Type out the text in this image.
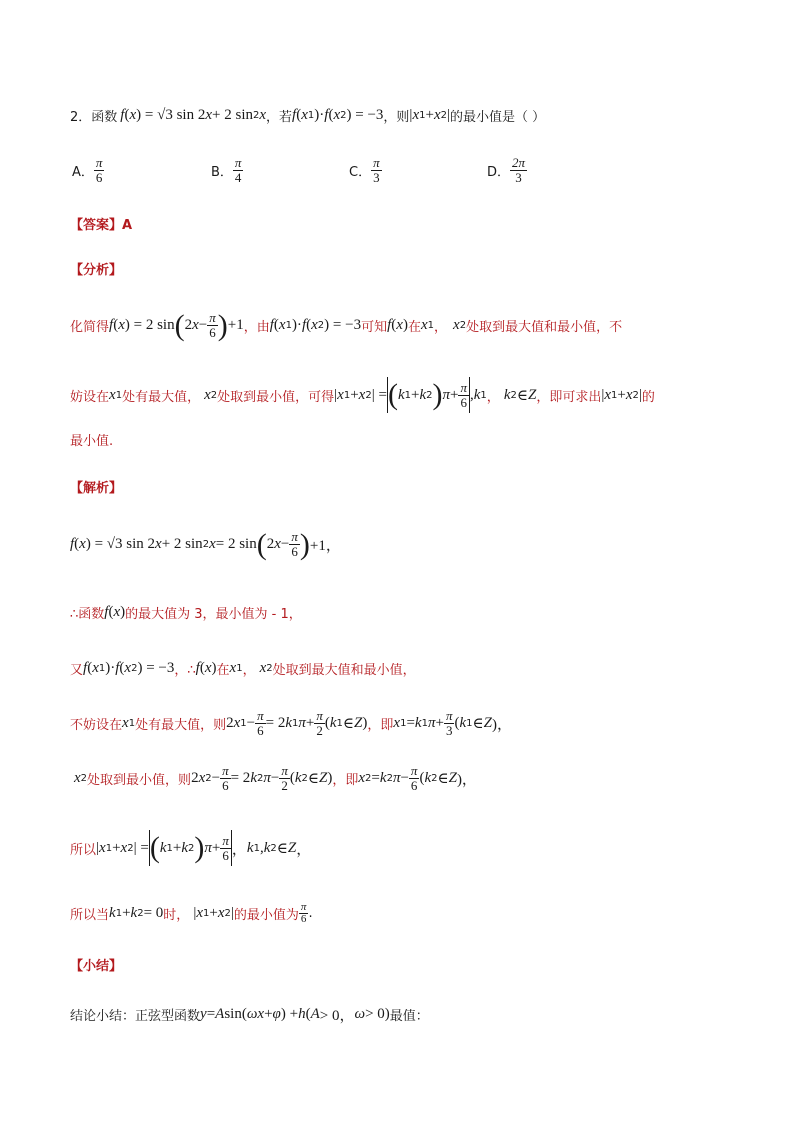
2． 函数 f ( x ) = √3 sin 2 x + 2 sin 2 x ，若 f ( x 1 )· f ( x 2 ) = −3 ，则 | x 1 + x 2 | 的最小值是（ ）
A． $\frac{\pi}{6}$	B． $\frac{\pi}{4}$	C． $\frac{\pi}{3}$	D． $\frac{2\pi}{3}$
【答案】A
【分析】
化简得 f ( x ) = 2 sin ( 2 $x - \frac{\pi}{6}$ ) +1 ，由 f ( x 1 )· f ( x 2 ) = −3 可知 f ( x ) 在 x 1 ， x 2 处取到最大值和最小值，不
妨设在 x 1 处有最大值， x 2 处取到最小值，可得 | x 1 + x 2 | = ( k 1 + k 2 ) $\pi + \frac{\pi}{6}$ , k 1 ， k 2 ∈ Z ，即可求出 | x 1 + x 2 | 的
最小值.
【解析】
f ( x ) = √3 sin 2 x + 2 sin 2 x = 2 sin ( 2 $x - \frac{\pi}{6}$ ) +1，
∴函数 f ( x ) 的最大值为 3，最小值为 - 1，
又 f ( x 1 )· f ( x 2 ) = −3 ，∴ f ( x ) 在 x 1 ， x 2 处取到最大值和最小值，
不妨设在 x 1 处有最大值，则 2 x $1 - \frac{\pi}{6} = 2$ k 1 $\pi + \frac{\pi}{2}$ ( k 1 ∈ Z ) ，即 x 1 = k 1 $\pi + \frac{\pi}{3}$ ( k 1 ∈ Z )，
x 2 处取到最小值，则 2 x $2 - \frac{\pi}{6} = 2$ k 2 $\pi - \frac{\pi}{2}$ ( k 2 ∈ Z ) ，即 x 2 = k 2 $\pi - \frac{\pi}{6}$ ( k 2 ∈ Z )，
所以 | x 1 + x 2 | = ( k 1 + k 2 ) $\pi + \frac{\pi}{6}$ ， k 1 , k 2 ∈ Z ，
所以当 k 1 + k 2 = 0 时， | x 1 + x 2 | 的最小值为 $\frac{\pi}{6}$ .
【小结】
结论小结：正弦型函数 y = A sin( ωx + φ ) + h ( A > 0， ω > 0) 最值：
